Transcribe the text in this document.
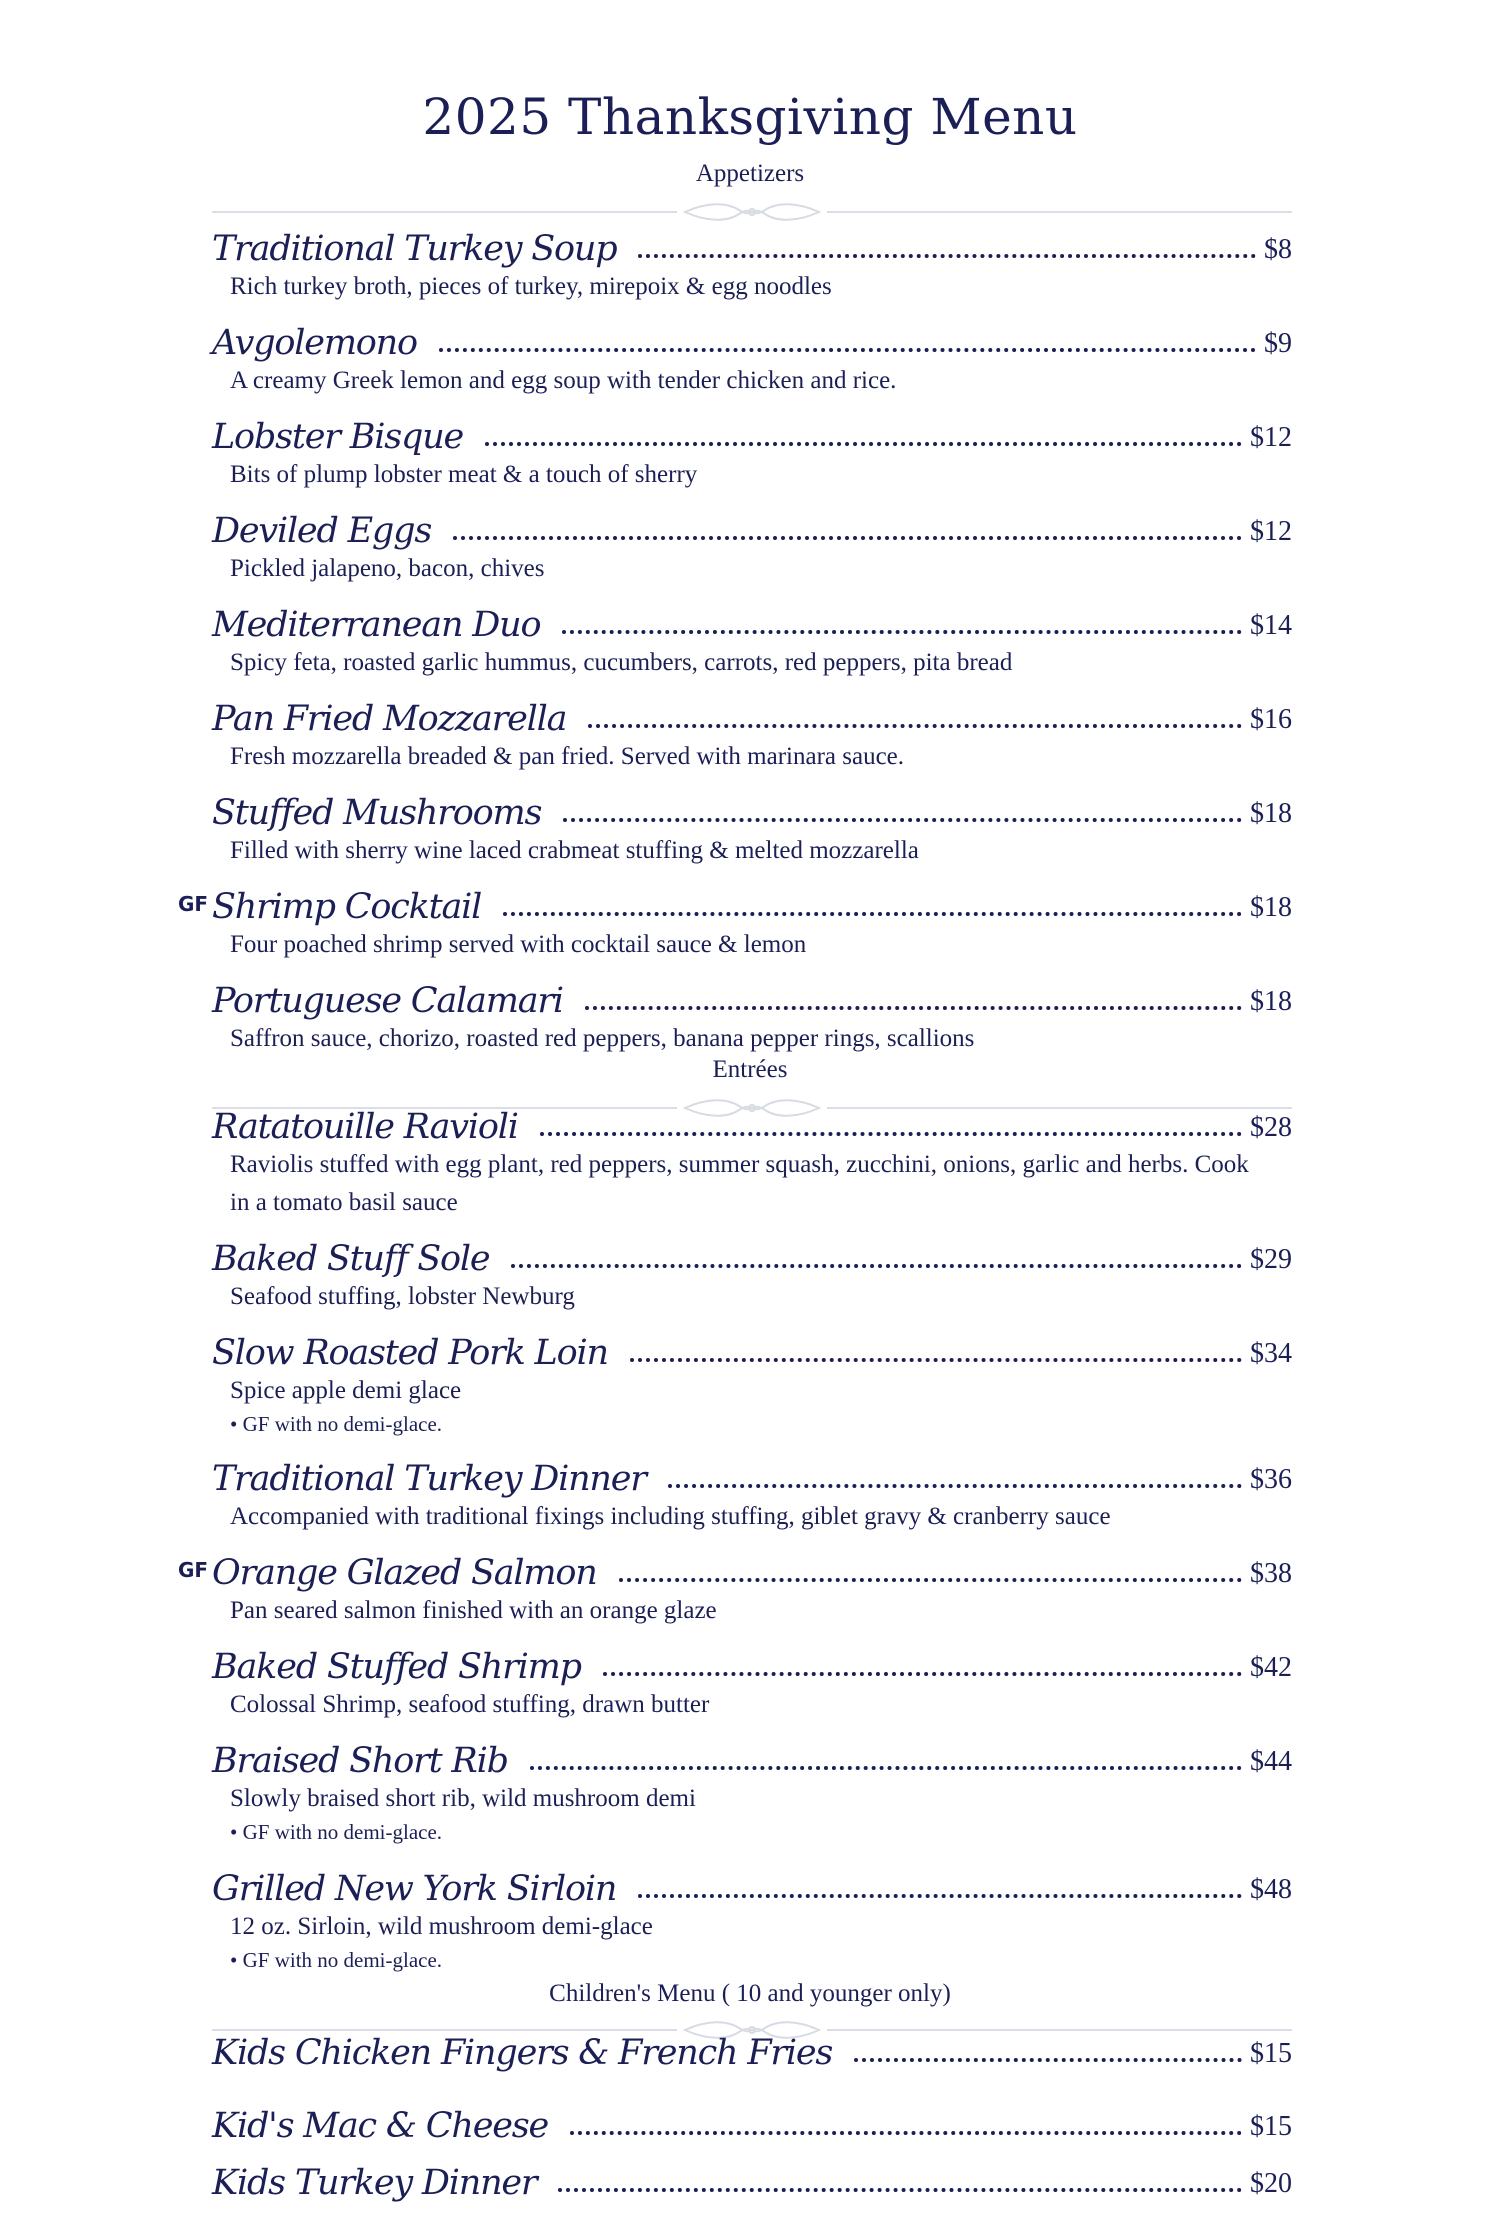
2025 Thanksgiving Menu
Appetizers
Traditional Turkey Soup	$8
Rich turkey broth, pieces of turkey, mirepoix & egg noodles
Avgolemono	$9
A creamy Greek lemon and egg soup with tender chicken and rice.
Lobster Bisque	$12
Bits of plump lobster meat & a touch of sherry
Deviled Eggs	$12
Pickled jalapeno, bacon, chives
Mediterranean Duo	$14
Spicy feta, roasted garlic hummus, cucumbers, carrots, red peppers, pita bread
Pan Fried Mozzarella	$16
Fresh mozzarella breaded & pan fried. Served with marinara sauce.
Stuffed Mushrooms	$18
Filled with sherry wine laced crabmeat stuffing & melted mozzarella
GF Shrimp Cocktail	$18
Four poached shrimp served with cocktail sauce & lemon
Portuguese Calamari	$18
Saffron sauce, chorizo, roasted red peppers, banana pepper rings, scallions
Entrées
Ratatouille Ravioli	$28
Raviolis stuffed with egg plant, red peppers, summer squash, zucchini, onions, garlic and herbs. Cook in a tomato basil sauce
Baked Stuff Sole	$29
Seafood stuffing, lobster Newburg
Slow Roasted Pork Loin	$34
Spice apple demi glace
• GF with no demi-glace.
Traditional Turkey Dinner	$36
Accompanied with traditional fixings including stuffing, giblet gravy & cranberry sauce
GF Orange Glazed Salmon	$38
Pan seared salmon finished with an orange glaze
Baked Stuffed Shrimp	$42
Colossal Shrimp, seafood stuffing, drawn butter
Braised Short Rib	$44
Slowly braised short rib, wild mushroom demi
• GF with no demi-glace.
Grilled New York Sirloin	$48
12 oz. Sirloin, wild mushroom demi-glace
• GF with no demi-glace.
Children's Menu ( 10 and younger only)
Kids Chicken Fingers & French Fries	$15
Kid's Mac & Cheese	$15
Kids Turkey Dinner	$20
